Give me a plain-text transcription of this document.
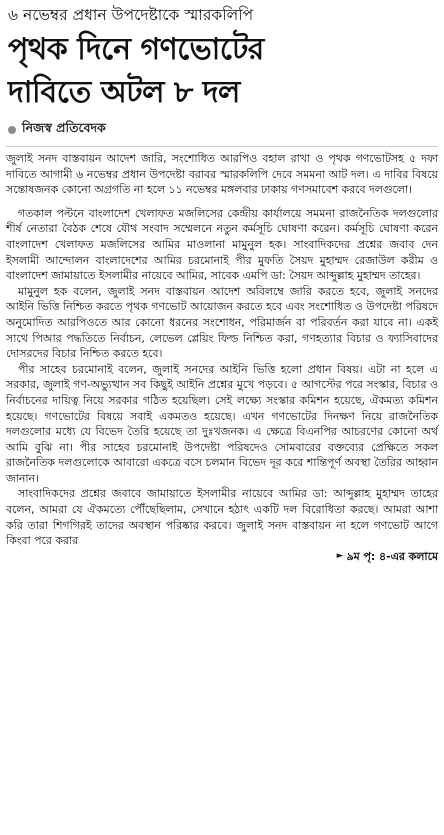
৬ নভেম্বর প্রধান উপদেষ্টাকে স্মারকলিপি
পৃথক দিনে গণভোটের
দাবিতে অটল ৮ দল
নিজস্ব প্রতিবেদক

জুলাই সনদ বাস্তবায়ন আদেশ জারি, সংশোধিত আরপিও বহাল রাখা ও পৃথক গণভোটসহ ৫ দফা দাবিতে আগামী ৬ নভেম্বর প্রধান উপদেষ্টা বরাবর স্মারকলিপি দেবে সমমনা আট দল। এ দাবির বিষয়ে সন্তোষজনক কোনো অগ্রগতি না হলে ১১ নভেম্বর মঙ্গলবার ঢাকায় গণসমাবেশ করবে দলগুলো।

গতকাল পল্টনে বাংলাদেশ খেলাফত মজলিসের কেন্দ্রীয় কার্যালয়ে সমমনা রাজনৈতিক দলগুলোর শীর্ষ নেতারা বৈঠক শেষে যৌথ সংবাদ সম্মেলনে নতুন কর্মসূচি ঘোষণা করেন। কর্মসূচি ঘোষণা করেন বাংলাদেশ খেলাফত মজলিসের আমির মাওলানা মামুনুল হক। সাংবাদিকদের প্রশ্নের জবাব দেন ইসলামী আন্দোলন বাংলাদেশের আমির চরমোনাই পীর মুফতি সৈয়দ মুহাম্মদ রেজাউল করীম ও বাংলাদেশ জামায়াতে ইসলামীর নায়েবে আমির, সাবেক এমপি ডা: সৈয়দ আব্দুল্লাহ মুহাম্মদ তাহের।

মামুনুল হক বলেন, জুলাই সনদ বাস্তবায়ন আদেশ অবিলম্বে জারি করতে হবে, জুলাই সনদের আইনি ভিত্তি নিশ্চিত করতে পৃথক গণভোট আয়োজন করতে হবে এবং সংশোধিত ও উপদেষ্টা পরিষদে অনুমোদিত আরপিওতে আর কোনো ধরনের সংশোধন, পরিমার্জন বা পরিবর্তন করা যাবে না। একই সাথে পিআর পদ্ধতিতে নির্বাচন, লেভেল প্লেয়িং ফিল্ড নিশ্চিত করা, গণহত্যার বিচার ও ফ্যাসিবাদের দোসরদের বিচার নিশ্চিত করতে হবে।

পীর সাহেব চরমোনাই বলেন, জুলাই সনদের আইনি ভিত্তি হলো প্রধান বিষয়। এটা না হলে এ সরকার, জুলাই গণ-অভ্যুত্থান সব কিছুই আইনি প্রশ্নের মুখে পড়বে। ৫ আগস্টের পরে সংস্কার, বিচার ও নির্বাচনের দায়িত্ব নিয়ে সরকার গঠিত হয়েছিল। সেই লক্ষ্যে সংস্কার কমিশন হয়েছে, ঐকমত্য কমিশন হয়েছে। গণভোটের বিষয়ে সবাই একমতও হয়েছে। এখন গণভোটের দিনক্ষণ নিয়ে রাজনৈতিক দলগুলোর মধ্যে যে বিভেদ তৈরি হয়েছে তা দুঃখজনক। এ ক্ষেত্রে বিএনপির আচরণের কোনো অর্থ আমি বুঝি না। পীর সাহেব চরমোনাই উপদেষ্টা পরিষদেও সোমবারের বক্তব্যের প্রেক্ষিতে সকল রাজনৈতিক দলগুলোকে আবারো একত্রে বসে চলমান বিভেদ দূর করে শান্তিপূর্ণ অবস্থা তৈরির আহ্বান জানান।

সাংবাদিকদের প্রশ্নের জবাবে জামায়াতে ইসলামীর নায়েবে আমির ডা: আব্দুল্লাহ মুহাম্মদ তাহের বলেন, আমরা যে ঐকমত্যে পৌঁছেছিলাম, সেখানে হঠাৎ একটি দল বিরোধিতা করছে। আমরা আশা করি তারা শিগগিরই তাদের অবস্থান পরিষ্কার করবে। জুলাই সনদ বাস্তবায়ন না হলে গণভোট আগে কিংবা পরে করার

► ৯ম পৃ: ৪-এর কলামে
